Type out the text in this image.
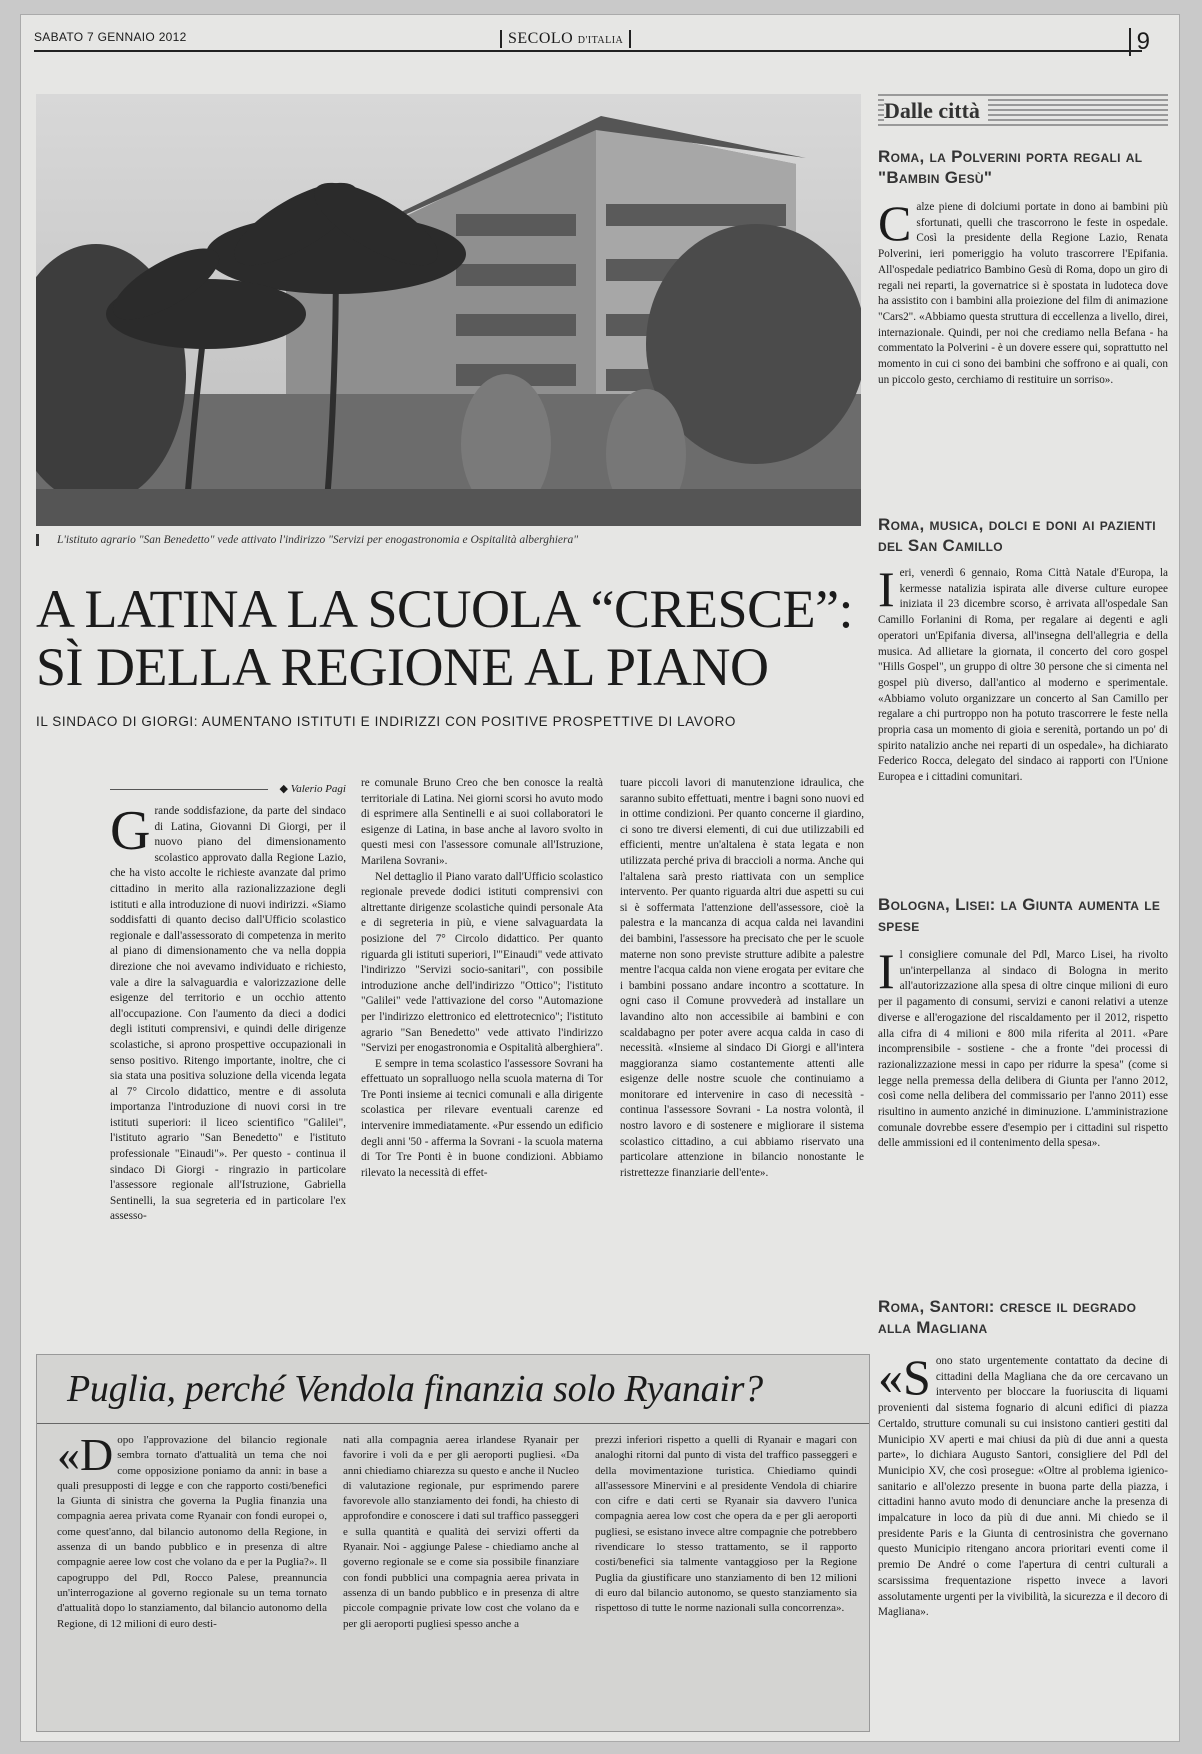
SABATO 7 GENNAIO 2012	SECOLO D'ITALIA	9
L'istituto agrario "San Benedetto" vede attivato l'indirizzo "Servizi per enogastronomia e Ospitalità alberghiera"
A LATINA LA SCUOLA “CRESCE”:
SÌ DELLA REGIONE AL PIANO
IL SINDACO DI GIORGI: AUMENTANO ISTITUTI E INDIRIZZI CON POSITIVE PROSPETTIVE DI LAVORO
◆ Valerio Pagi
G rande soddisfazione, da parte del sindaco di Latina, Giovanni Di Giorgi, per il nuovo piano del dimensionamento scolastico approvato dalla Regione Lazio, che ha visto accolte le richieste avanzate dal primo cittadino in merito alla razionalizzazione degli istituti e alla introduzione di nuovi indirizzi. «Siamo soddisfatti di quanto deciso dall'Ufficio scolastico regionale e dall'assessorato di competenza in merito al piano di dimensionamento che va nella doppia direzione che noi avevamo individuato e richiesto, vale a dire la salvaguardia e valorizzazione delle esigenze del territorio e un occhio attento all'occupazione. Con l'aumento da dieci a dodici degli istituti comprensivi, e quindi delle dirigenze scolastiche, si aprono prospettive occupazionali in senso positivo. Ritengo importante, inoltre, che ci sia stata una positiva soluzione della vicenda legata al 7° Circolo didattico, mentre e di assoluta importanza l'introduzione di nuovi corsi in tre istituti superiori: il liceo scientifico "Galilei", l'istituto agrario "San Benedetto" e l'istituto professionale "Einaudi"». Per questo - continua il sindaco Di Giorgi - ringrazio in particolare l'assessore regionale all'Istruzione, Gabriella Sentinelli, la sua segreteria ed in particolare l'ex assesso-

re comunale Bruno Creo che ben conosce la realtà territoriale di Latina. Nei giorni scorsi ho avuto modo di esprimere alla Sentinelli e ai suoi collaboratori le esigenze di Latina, in base anche al lavoro svolto in questi mesi con l'assessore comunale all'Istruzione, Marilena Sovrani».

Nel dettaglio il Piano varato dall'Ufficio scolastico regionale prevede dodici istituti comprensivi con altrettante dirigenze scolastiche quindi personale Ata e di segreteria in più, e viene salvaguardata la posizione del 7° Circolo didattico. Per quanto riguarda gli istituti superiori, l'"Einaudi" vede attivato l'indirizzo "Servizi socio-sanitari", con possibile introduzione anche dell'indirizzo "Ottico"; l'istituto "Galilei" vede l'attivazione del corso "Automazione per l'indirizzo elettronico ed elettrotecnico"; l'istituto agrario "San Benedetto" vede attivato l'indirizzo "Servizi per enogastronomia e Ospitalità alberghiera".

E sempre in tema scolastico l'assessore Sovrani ha effettuato un sopralluogo nella scuola materna di Tor Tre Ponti insieme ai tecnici comunali e alla dirigente scolastica per rilevare eventuali carenze ed intervenire immediatamente. «Pur essendo un edificio degli anni '50 - afferma la Sovrani - la scuola materna di Tor Tre Ponti è in buone condizioni. Abbiamo rilevato la necessità di effet-

tuare piccoli lavori di manutenzione idraulica, che saranno subito effettuati, mentre i bagni sono nuovi ed in ottime condizioni. Per quanto concerne il giardino, ci sono tre diversi elementi, di cui due utilizzabili ed efficienti, mentre un'altalena è stata legata e non utilizzata perché priva di braccioli a norma. Anche qui l'altalena sarà presto riattivata con un semplice intervento. Per quanto riguarda altri due aspetti su cui si è soffermata l'attenzione dell'assessore, cioè la palestra e la mancanza di acqua calda nei lavandini dei bambini, l'assessore ha precisato che per le scuole materne non sono previste strutture adibite a palestre mentre l'acqua calda non viene erogata per evitare che i bambini possano andare incontro a scottature. In ogni caso il Comune provvederà ad installare un lavandino alto non accessibile ai bambini e con scaldabagno per poter avere acqua calda in caso di necessità. «Insieme al sindaco Di Giorgi e all'intera maggioranza siamo costantemente attenti alle esigenze delle nostre scuole che continuiamo a monitorare ed intervenire in caso di necessità - continua l'assessore Sovrani - La nostra volontà, il nostro lavoro e di sostenere e migliorare il sistema scolastico cittadino, a cui abbiamo riservato una particolare attenzione in bilancio nonostante le ristrettezze finanziarie dell'ente».

Dalle città
Roma, la Polverini porta regali al "Bambin Gesù"
C alze piene di dolciumi portate in dono ai bambini più sfortunati, quelli che trascorrono le feste in ospedale. Così la presidente della Regione Lazio, Renata Polverini, ieri pomeriggio ha voluto trascorrere l'Epifania. All'ospedale pediatrico Bambino Gesù di Roma, dopo un giro di regali nei reparti, la governatrice si è spostata in ludoteca dove ha assistito con i bambini alla proiezione del film di animazione "Cars2". «Abbiamo questa struttura di eccellenza a livello, direi, internazionale. Quindi, per noi che crediamo nella Befana - ha commentato la Polverini - è un dovere essere qui, soprattutto nel momento in cui ci sono dei bambini che soffrono e ai quali, con un piccolo gesto, cerchiamo di restituire un sorriso».
Roma, musica, dolci e doni ai pazienti del San Camillo
I eri, venerdì 6 gennaio, Roma Città Natale d'Europa, la kermesse natalizia ispirata alle diverse culture europee iniziata il 23 dicembre scorso, è arrivata all'ospedale San Camillo Forlanini di Roma, per regalare ai degenti e agli operatori un'Epifania diversa, all'insegna dell'allegria e della musica. Ad allietare la giornata, il concerto del coro gospel "Hills Gospel", un gruppo di oltre 30 persone che si cimenta nel gospel più diverso, dall'antico al moderno e sperimentale. «Abbiamo voluto organizzare un concerto al San Camillo per regalare a chi purtroppo non ha potuto trascorrere le feste nella propria casa un momento di gioia e serenità, portando un po' di spirito natalizio anche nei reparti di un ospedale», ha dichiarato Federico Rocca, delegato del sindaco ai rapporti con l'Unione Europea e i cittadini comunitari.
Bologna, Lisei: la Giunta aumenta le spese
I l consigliere comunale del Pdl, Marco Lisei, ha rivolto un'interpellanza al sindaco di Bologna in merito all'autorizzazione alla spesa di oltre cinque milioni di euro per il pagamento di consumi, servizi e canoni relativi a utenze diverse e all'erogazione del riscaldamento per il 2012, rispetto alla cifra di 4 milioni e 800 mila riferita al 2011. «Pare incomprensibile - sostiene - che a fronte "dei processi di razionalizzazione messi in capo per ridurre la spesa" (come si legge nella premessa della delibera di Giunta per l'anno 2012, così come nella delibera del commissario per l'anno 2011) esse risultino in aumento anziché in diminuzione. L'amministrazione comunale dovrebbe essere d'esempio per i cittadini sul rispetto delle ammissioni ed il contenimento della spesa».
Roma, Santori: cresce il degrado alla Magliana
«S ono stato urgentemente contattato da decine di cittadini della Magliana che da ore cercavano un intervento per bloccare la fuoriuscita di liquami provenienti dal sistema fognario di alcuni edifici di piazza Certaldo, strutture comunali su cui insistono cantieri gestiti dal Municipio XV aperti e mai chiusi da più di due anni a questa parte», lo dichiara Augusto Santori, consigliere del Pdl del Municipio XV, che così prosegue: «Oltre al problema igienico-sanitario e all'olezzo presente in buona parte della piazza, i cittadini hanno avuto modo di denunciare anche la presenza di impalcature in loco da più di due anni. Mi chiedo se il presidente Paris e la Giunta di centrosinistra che governano questo Municipio ritengano ancora prioritari eventi come il premio De André o come l'apertura di centri culturali a scarsissima frequentazione rispetto invece a lavori assolutamente urgenti per la vivibilità, la sicurezza e il decoro di Magliana».
Puglia, perché Vendola finanzia solo Ryanair?
«D opo l'approvazione del bilancio regionale sembra tornato d'attualità un tema che noi come opposizione poniamo da anni: in base a quali presupposti di legge e con che rapporto costi/benefici la Giunta di sinistra che governa la Puglia finanzia una compagnia aerea privata come Ryanair con fondi europei o, come quest'anno, dal bilancio autonomo della Regione, in assenza di un bando pubblico e in presenza di altre compagnie aeree low cost che volano da e per la Puglia?». Il capogruppo del Pdl, Rocco Palese, preannuncia un'interrogazione al governo regionale su un tema tornato d'attualità dopo lo stanziamento, dal bilancio autonomo della Regione, di 12 milioni di euro desti-
nati alla compagnia aerea irlandese Ryanair per favorire i voli da e per gli aeroporti pugliesi. «Da anni chiediamo chiarezza su questo e anche il Nucleo di valutazione regionale, pur esprimendo parere favorevole allo stanziamento dei fondi, ha chiesto di approfondire e conoscere i dati sul traffico passeggeri e sulla quantità e qualità dei servizi offerti da Ryanair. Noi - aggiunge Palese - chiediamo anche al governo regionale se e come sia possibile finanziare con fondi pubblici una compagnia aerea privata in assenza di un bando pubblico e in presenza di altre piccole compagnie private low cost che volano da e per gli aeroporti pugliesi spesso anche a
prezzi inferiori rispetto a quelli di Ryanair e magari con analoghi ritorni dal punto di vista del traffico passeggeri e della movimentazione turistica. Chiediamo quindi all'assessore Minervini e al presidente Vendola di chiarire con cifre e dati certi se Ryanair sia davvero l'unica compagnia aerea low cost che opera da e per gli aeroporti pugliesi, se esistano invece altre compagnie che potrebbero rivendicare lo stesso trattamento, se il rapporto costi/benefici sia talmente vantaggioso per la Regione Puglia da giustificare uno stanziamento di ben 12 milioni di euro dal bilancio autonomo, se questo stanziamento sia rispettoso di tutte le norme nazionali sulla concorrenza».
